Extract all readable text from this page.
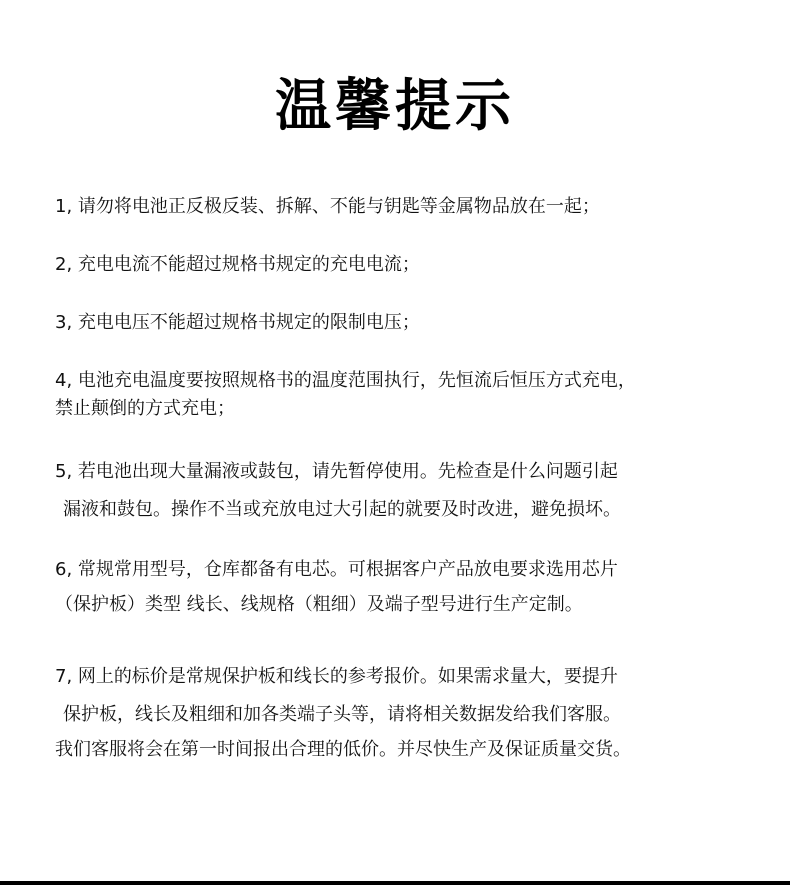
温馨提示
1, 请勿将电池正反极反装、拆解、不能与钥匙等金属物品放在一起；
2, 充电电流不能超过规格书规定的充电电流；
3, 充电电压不能超过规格书规定的限制电压；
4, 电池充电温度要按照规格书的温度范围执行，先恒流后恒压方式充电，
禁止颠倒的方式充电；
5, 若电池出现大量漏液或鼓包，请先暂停使用。先检查是什么问题引起
漏液和鼓包。操作不当或充放电过大引起的就要及时改进，避免损坏。
6, 常规常用型号，仓库都备有电芯。可根据客户产品放电要求选用芯片
（保护板）类型 线长、线规格（粗细）及端子型号进行生产定制。
7, 网上的标价是常规保护板和线长的参考报价。如果需求量大，要提升
保护板，线长及粗细和加各类端子头等，请将相关数据发给我们客服。
我们客服将会在第一时间报出合理的低价。并尽快生产及保证质量交货。
